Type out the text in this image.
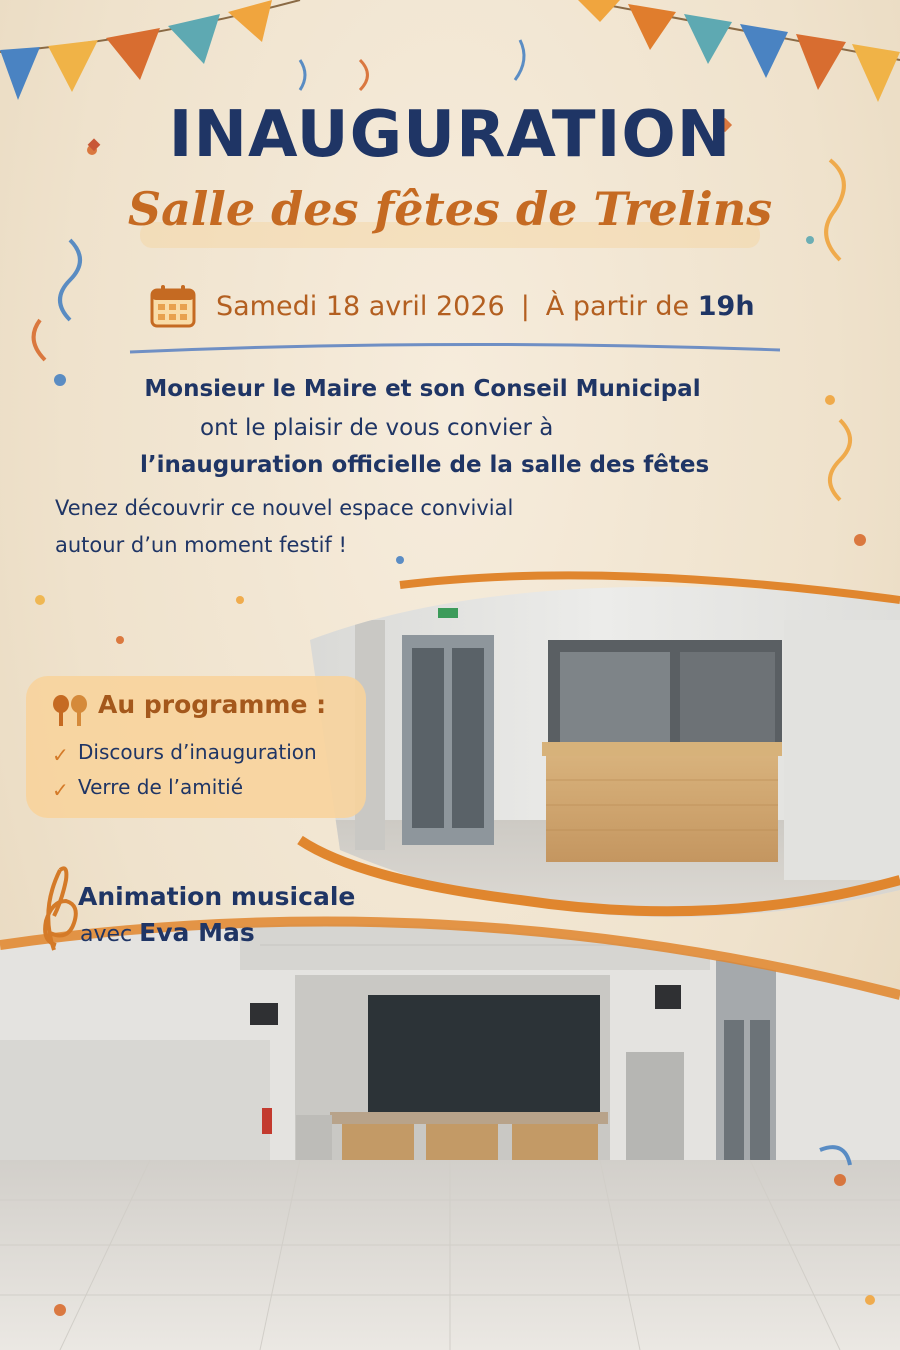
INAUGURATION
Salle des fêtes de Trelins
Samedi 18 avril 2026 | À partir de
19h
Monsieur le Maire et son Conseil Municipal
ont le plaisir de vous convier à
l’inauguration officielle de la salle des fêtes
Venez découvrir ce nouvel espace convivial
autour d’un moment festif !
Au programme :
✓ Discours d’inauguration
✓ Verre de l’amitié
Animation musicale
avec Eva Mas
